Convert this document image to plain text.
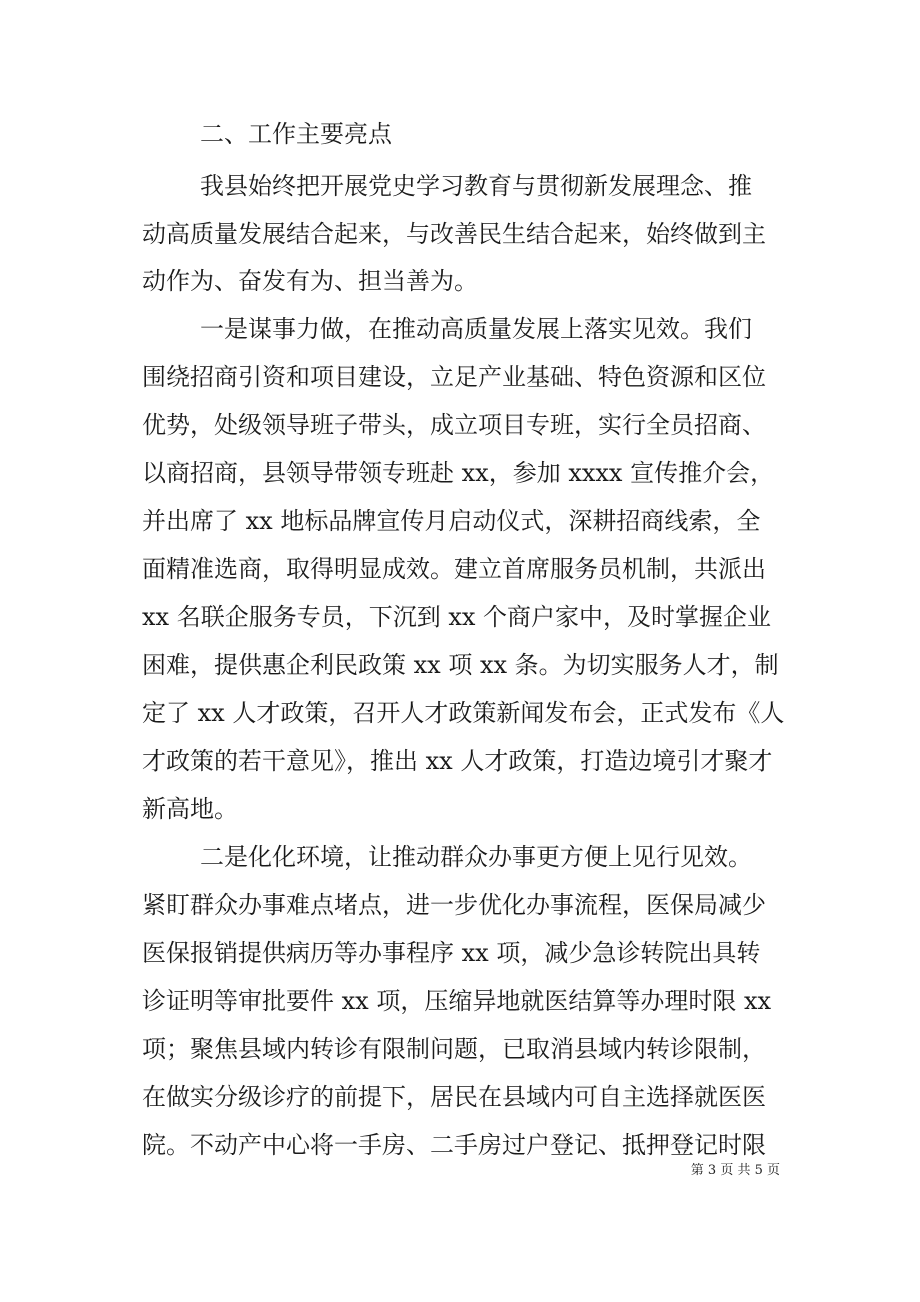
二、工作主要亮点
我县始终把开展党史学习教育与贯彻新发展理念、推
动高质量发展结合起来，与改善民生结合起来，始终做到主
动作为、奋发有为、担当善为。
一是谋事力做，在推动高质量发展上落实见效。我们
围绕招商引资和项目建设，立足产业基础、特色资源和区位
优势，处级领导班子带头，成立项目专班，实行全员招商、
以商招商，县领导带领专班赴 xx，参加 xxxx 宣传推介会，
并出席了 xx 地标品牌宣传月启动仪式，深耕招商线索，全
面精准选商，取得明显成效。建立首席服务员机制，共派出
xx 名联企服务专员，下沉到 xx 个商户家中，及时掌握企业
困难，提供惠企利民政策 xx 项 xx 条。为切实服务人才，制
定了 xx 人才政策，召开人才政策新闻发布会，正式发布《人
才政策的若干意见》，推出 xx 人才政策，打造边境引才聚才
新高地。
二是化化环境，让推动群众办事更方便上见行见效。
紧盯群众办事难点堵点，进一步优化办事流程，医保局减少
医保报销提供病历等办事程序 xx 项，减少急诊转院出具转
诊证明等审批要件 xx 项，压缩异地就医结算等办理时限 xx
项；聚焦县域内转诊有限制问题，已取消县域内转诊限制，
在做实分级诊疗的前提下，居民在县域内可自主选择就医医
院。不动产中心将一手房、二手房过户登记、抵押登记时限
第 3 页 共 5 页
